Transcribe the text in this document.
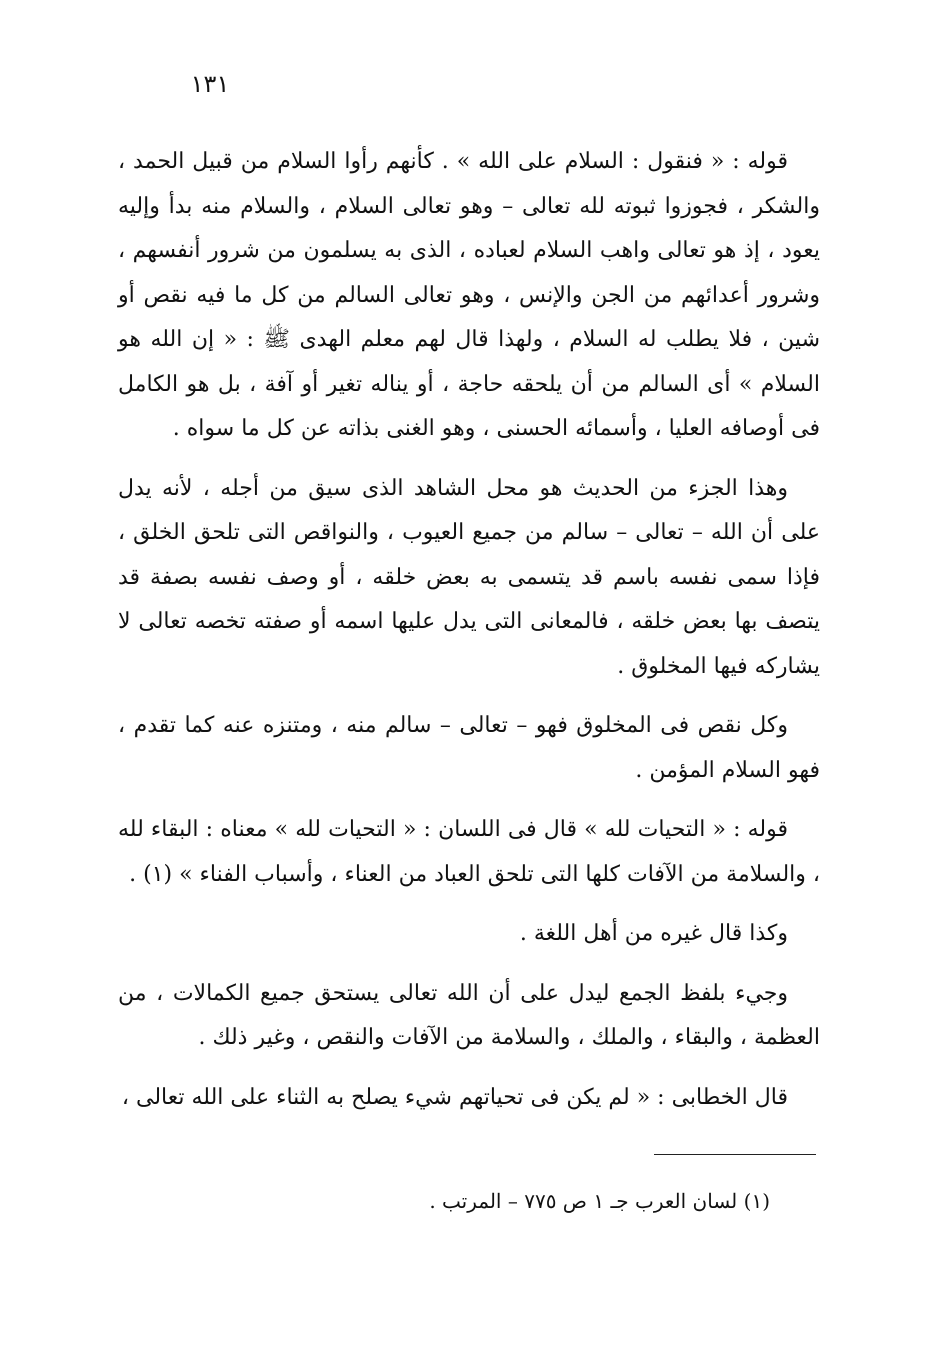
١٣١

قوله : « فنقول : السلام على الله » . كأنهم رأوا السلام من قبيل الحمد ، والشكر ، فجوزوا ثبوته لله تعالى – وهو تعالى السلام ، والسلام منه بدأ وإليه يعود ، إذ هو تعالى واهب السلام لعباده ، الذى به يسلمون من شرور أنفسهم ، وشرور أعدائهم من الجن والإنس ، وهو تعالى السالم من كل ما فيه نقص أو شين ، فلا يطلب له السلام ، ولهذا قال لهم معلم الهدى ﷺ : « إن الله هو السلام » أى السالم من أن يلحقه حاجة ، أو يناله تغير أو آفة ، بل هو الكامل فى أوصافه العليا ، وأسمائه الحسنى ، وهو الغنى بذاته عن كل ما سواه .

وهذا الجزء من الحديث هو محل الشاهد الذى سيق من أجله ، لأنه يدل على أن الله – تعالى – سالم من جميع العيوب ، والنواقص التى تلحق الخلق ، فإذا سمى نفسه باسم قد يتسمى به بعض خلقه ، أو وصف نفسه بصفة قد يتصف بها بعض خلقه ، فالمعانى التى يدل عليها اسمه أو صفته تخصه تعالى لا يشاركه فيها المخلوق .

وكل نقص فى المخلوق فهو – تعالى – سالم منه ، ومتنزه عنه كما تقدم ، فهو السلام المؤمن .

قوله : « التحيات لله » قال فى اللسان : « التحيات لله » معناه : البقاء لله ، والسلامة من الآفات كلها التى تلحق العباد من العناء ، وأسباب الفناء » (١) .

وكذا قال غيره من أهل اللغة .

وجيء بلفظ الجمع ليدل على أن الله تعالى يستحق جميع الكمالات ، من العظمة ، والبقاء ، والملك ، والسلامة من الآفات والنقص ، وغير ذلك .

قال الخطابى : « لم يكن فى تحياتهم شيء يصلح به الثناء على الله تعالى ،

(١) لسان العرب جـ ١ ص ٧٧٥ – المرتب .
